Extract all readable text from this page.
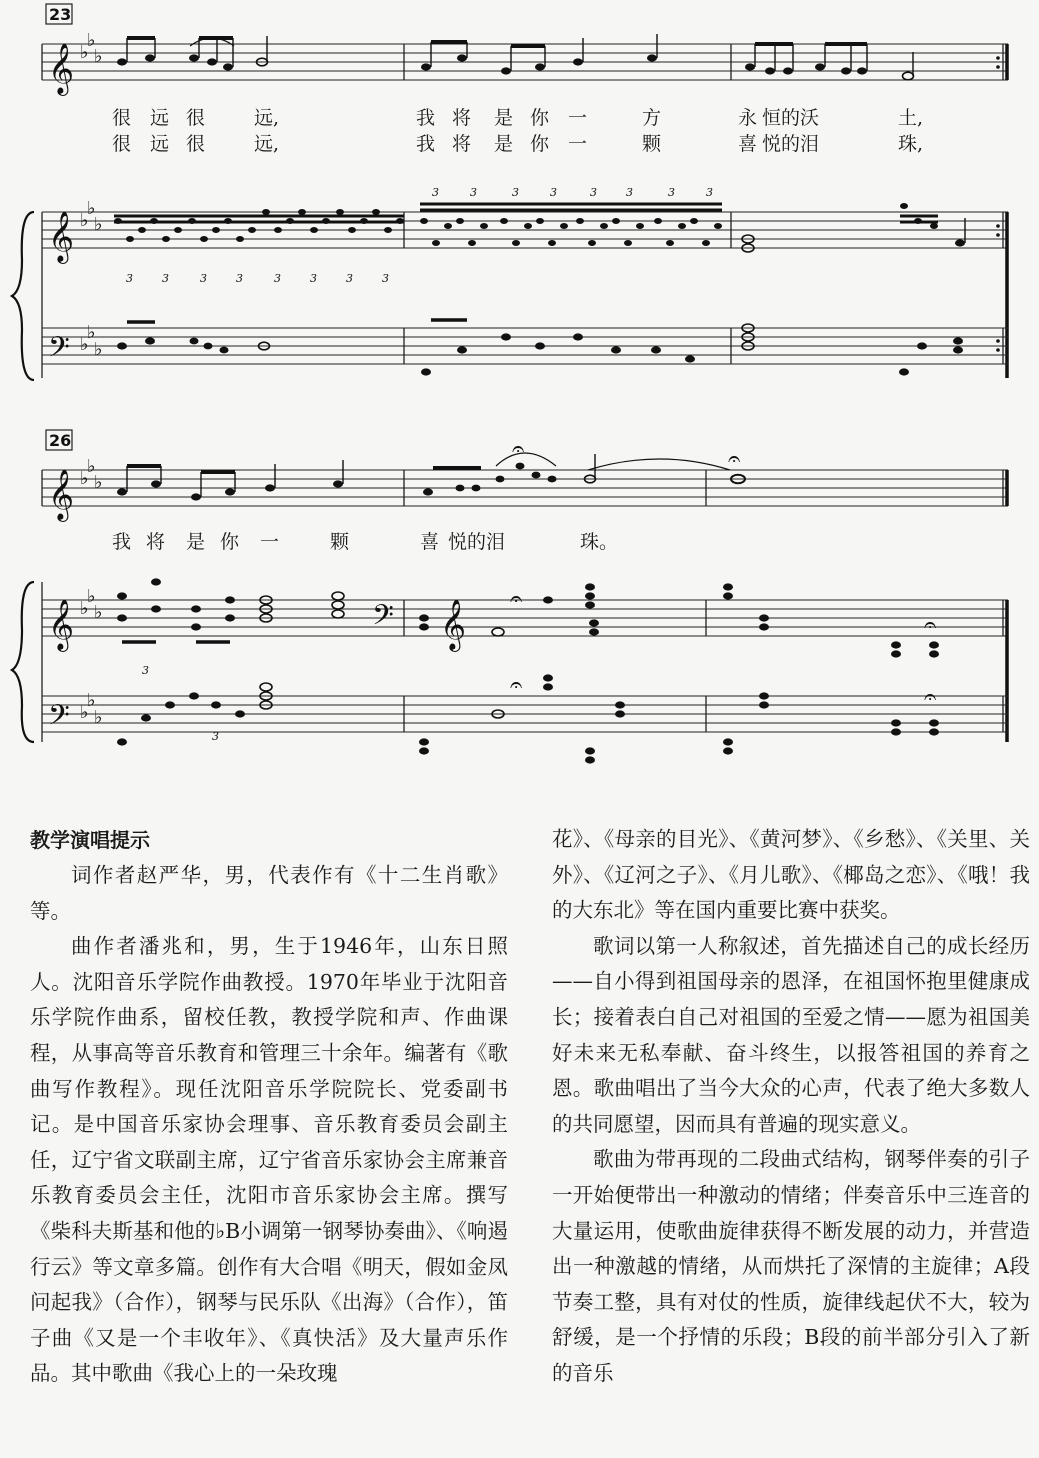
23
𝄞 ♭
♭
♭
很 远 很	远,	我 将 是 你 一	方	永 恒的沃	土,
很 远 很	远,	我 将 是 你 一	颗	喜 悦的泪	珠,
𝄞 ♭
♭
♭
3	3	3	3	3	3	3	3
3	3	3	3	3	3	3	3
𝄢 ♭
♭
♭
26
𝄞 ♭
♭
♭
𝄐	𝄐
我 将 是 你 一	颗	喜 悦的泪	珠。
𝄞 ♭
♭
♭	𝄢 𝄞 𝄐
𝄐
𝄢 ♭
♭
♭
3
3
𝄐	𝄐

教学演唱提示

词作者赵严华，男，代表作有《十二生肖歌》等。

曲作者潘兆和，男，生于1946年，山东日照人。沈阳音乐学院作曲教授。1970年毕业于沈阳音乐学院作曲系，留校任教，教授学院和声、作曲课程，从事高等音乐教育和管理三十余年。编著有《歌曲写作教程》。现任沈阳音乐学院院长、党委副书记。是中国音乐家协会理事、音乐教育委员会副主任，辽宁省文联副主席，辽宁省音乐家协会主席兼音乐教育委员会主任，沈阳市音乐家协会主席。撰写《柴科夫斯基和他的♭B小调第一钢琴协奏曲》、《响遏行云》等文章多篇。创作有大合唱《明天，假如金凤问起我》（合作），钢琴与民乐队《出海》（合作），笛子曲《又是一个丰收年》、《真快活》及大量声乐作品。其中歌曲《我心上的一朵玫瑰

花》、《母亲的目光》、《黄河梦》、《乡愁》、《关里、关外》、《辽河之子》、《月儿歌》、《椰岛之恋》、《哦！我的大东北》等在国内重要比赛中获奖。

歌词以第一人称叙述，首先描述自己的成长经历——自小得到祖国母亲的恩泽，在祖国怀抱里健康成长；接着表白自己对祖国的至爱之情——愿为祖国美好未来无私奉献、奋斗终生，以报答祖国的养育之恩。歌曲唱出了当今大众的心声，代表了绝大多数人的共同愿望，因而具有普遍的现实意义。

歌曲为带再现的二段曲式结构，钢琴伴奏的引子一开始便带出一种激动的情绪；伴奏音乐中三连音的大量运用，使歌曲旋律获得不断发展的动力，并营造出一种激越的情绪，从而烘托了深情的主旋律；A段节奏工整，具有对仗的性质，旋律线起伏不大，较为舒缓，是一个抒情的乐段；B段的前半部分引入了新的音乐
